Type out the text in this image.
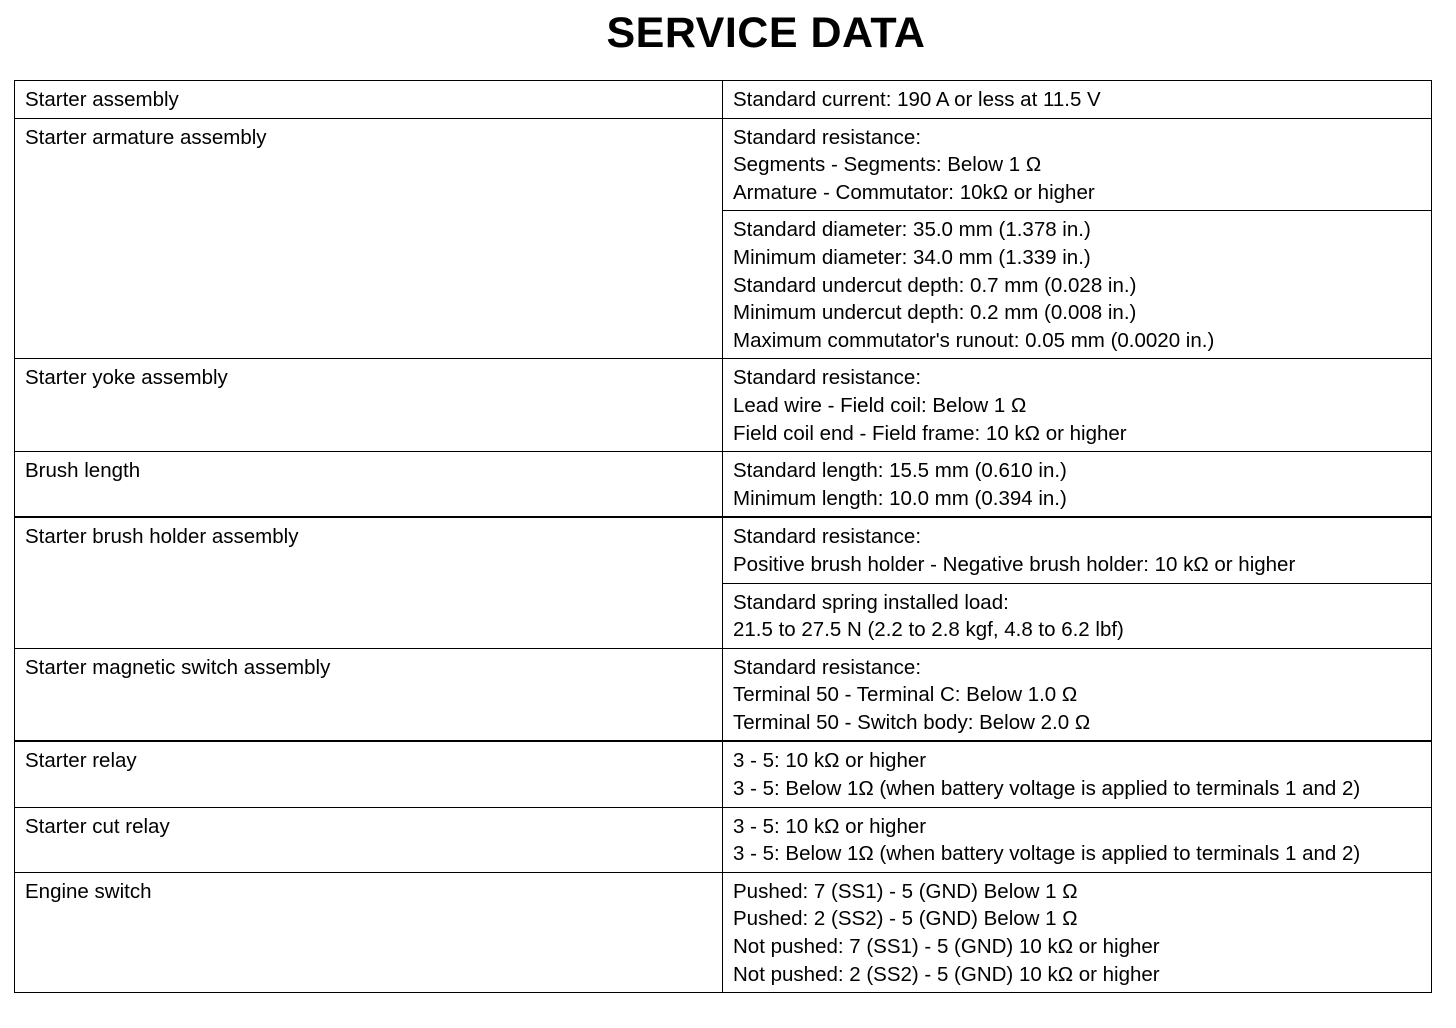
SERVICE DATA
Starter assembly	Standard current: 190 A or less at 11.5 V

Starter armature assembly	Standard resistance:
Segments - Segments: Below 1 Ω
Armature - Commutator: 10kΩ or higher

	Standard diameter: 35.0 mm (1.378 in.)
Minimum diameter: 34.0 mm (1.339 in.)
Standard undercut depth: 0.7 mm (0.028 in.)
Minimum undercut depth: 0.2 mm (0.008 in.)
Maximum commutator's runout: 0.05 mm (0.0020 in.)

Starter yoke assembly	Standard resistance:
Lead wire - Field coil: Below 1 Ω
Field coil end - Field frame: 10 kΩ or higher

Brush length	Standard length: 15.5 mm (0.610 in.)
Minimum length: 10.0 mm (0.394 in.)

Starter brush holder assembly	Standard resistance:
Positive brush holder - Negative brush holder: 10 kΩ or higher

	Standard spring installed load:
21.5 to 27.5 N (2.2 to 2.8 kgf, 4.8 to 6.2 lbf)

Starter magnetic switch assembly	Standard resistance:
Terminal 50 - Terminal C: Below 1.0 Ω
Terminal 50 - Switch body: Below 2.0 Ω

Starter relay	3 - 5: 10 kΩ or higher
3 - 5: Below 1Ω (when battery voltage is applied to terminals 1 and 2)

Starter cut relay	3 - 5: 10 kΩ or higher
3 - 5: Below 1Ω (when battery voltage is applied to terminals 1 and 2)

Engine switch	Pushed: 7 (SS1) - 5 (GND) Below 1 Ω
Pushed: 2 (SS2) - 5 (GND) Below 1 Ω
Not pushed: 7 (SS1) - 5 (GND) 10 kΩ or higher
Not pushed: 2 (SS2) - 5 (GND) 10 kΩ or higher
